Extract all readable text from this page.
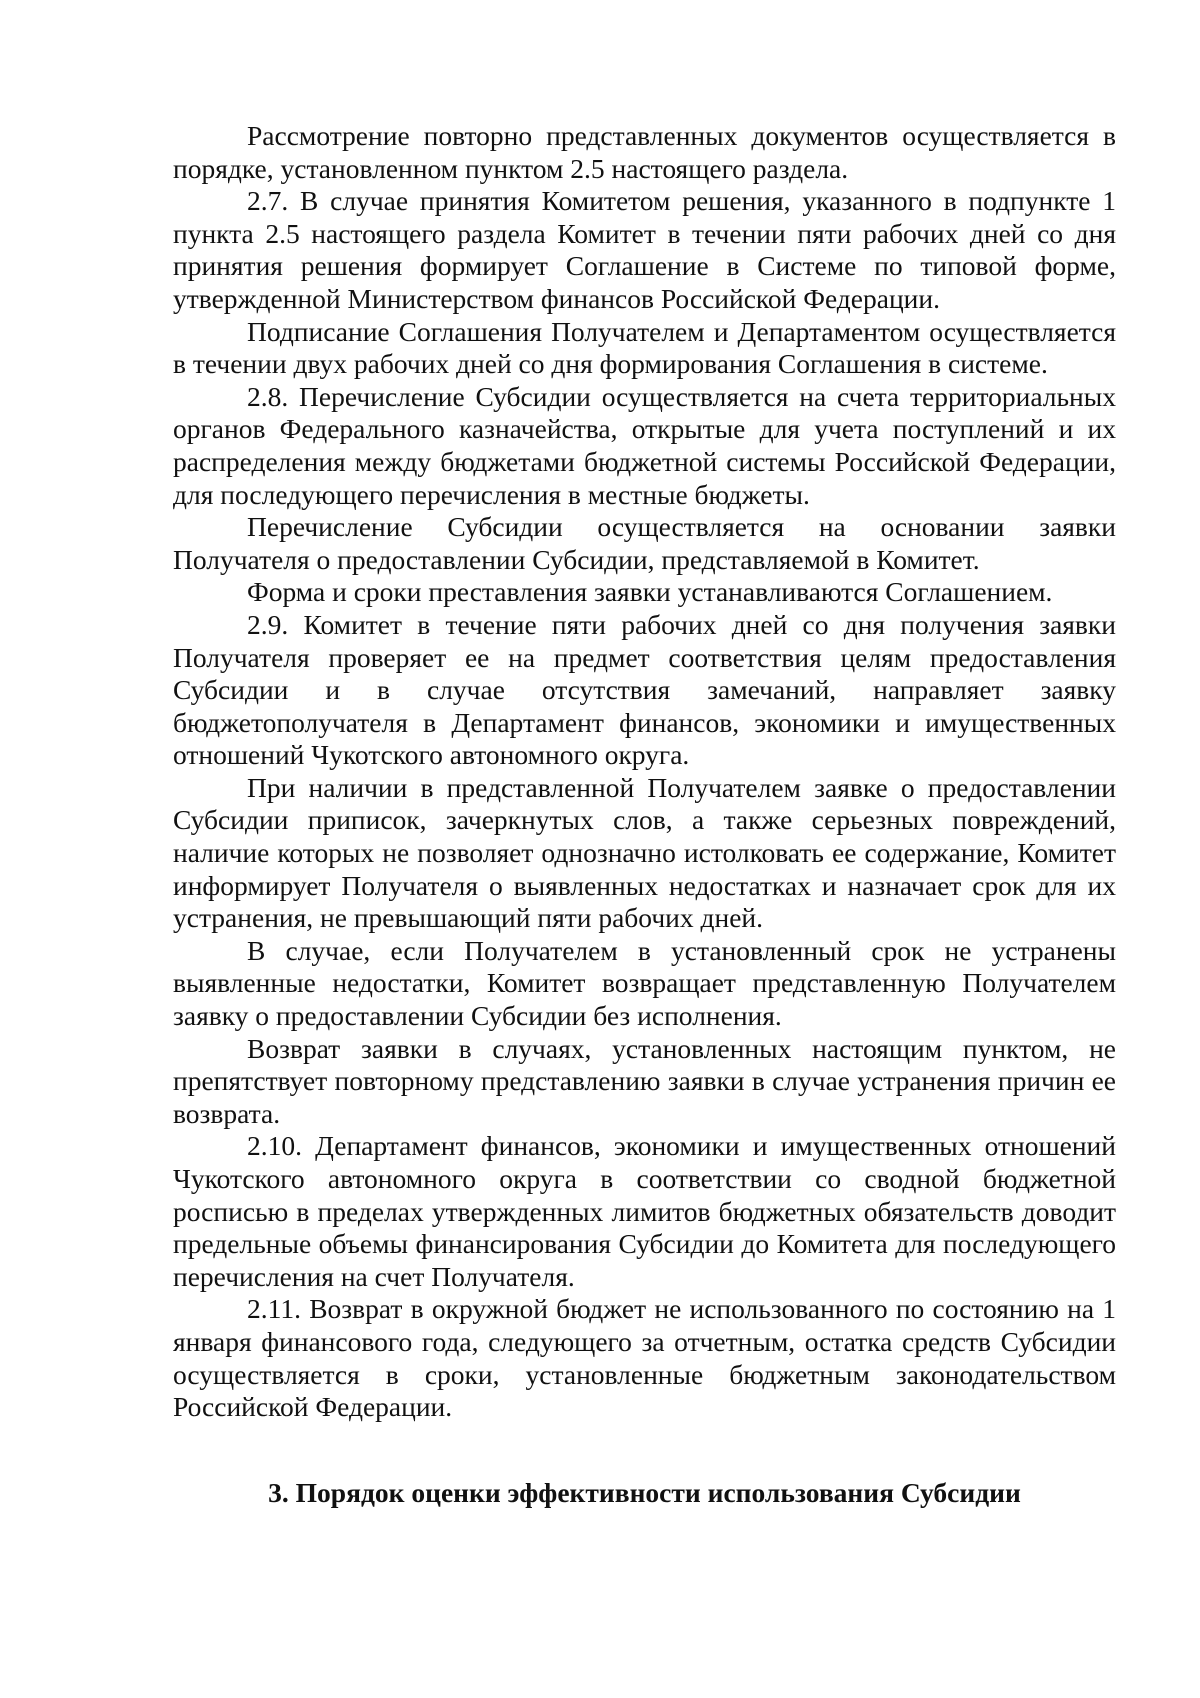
Рассмотрение повторно представленных документов осуществляется в порядке, установленном пунктом 2.5 настоящего раздела.

2.7. В случае принятия Комитетом решения, указанного в подпункте 1 пункта 2.5 настоящего раздела Комитет в течении пяти рабочих дней со дня принятия решения формирует Соглашение в Системе по типовой форме, утвержденной Министерством финансов Российской Федерации.

Подписание Соглашения Получателем и Департаментом осуществляется в течении двух рабочих дней со дня формирования Соглашения в системе.

2.8. Перечисление Субсидии осуществляется на счета территориальных органов Федерального казначейства, открытые для учета поступлений и их распределения между бюджетами бюджетной системы Российской Федерации, для последующего перечисления в местные бюджеты.

Перечисление Субсидии осуществляется на основании заявки Получателя о предоставлении Субсидии, представляемой в Комитет.

Форма и сроки преставления заявки устанавливаются Соглашением.

2.9. Комитет в течение пяти рабочих дней со дня получения заявки Получателя проверяет ее на предмет соответствия целям предоставления Субсидии и в случае отсутствия замечаний, направляет заявку бюджетополучателя в Департамент финансов, экономики и имущественных отношений Чукотского автономного округа.

При наличии в представленной Получателем заявке о предоставлении Субсидии приписок, зачеркнутых слов, а также серьезных повреждений, наличие которых не позволяет однозначно истолковать ее содержание, Комитет информирует Получателя о выявленных недостатках и назначает срок для их устранения, не превышающий пяти рабочих дней.

В случае, если Получателем в установленный срок не устранены выявленные недостатки, Комитет возвращает представленную Получателем заявку о предоставлении Субсидии без исполнения.

Возврат заявки в случаях, установленных настоящим пунктом, не препятствует повторному представлению заявки в случае устранения причин ее возврата.

2.10. Департамент финансов, экономики и имущественных отношений Чукотского автономного округа в соответствии со сводной бюджетной росписью в пределах утвержденных лимитов бюджетных обязательств доводит предельные объемы финансирования Субсидии до Комитета для последующего перечисления на счет Получателя.

2.11. Возврат в окружной бюджет не использованного по состоянию на 1 января финансового года, следующего за отчетным, остатка средств Субсидии осуществляется в сроки, установленные бюджетным законодательством Российской Федерации.

3. Порядок оценки эффективности использования Субсидии
